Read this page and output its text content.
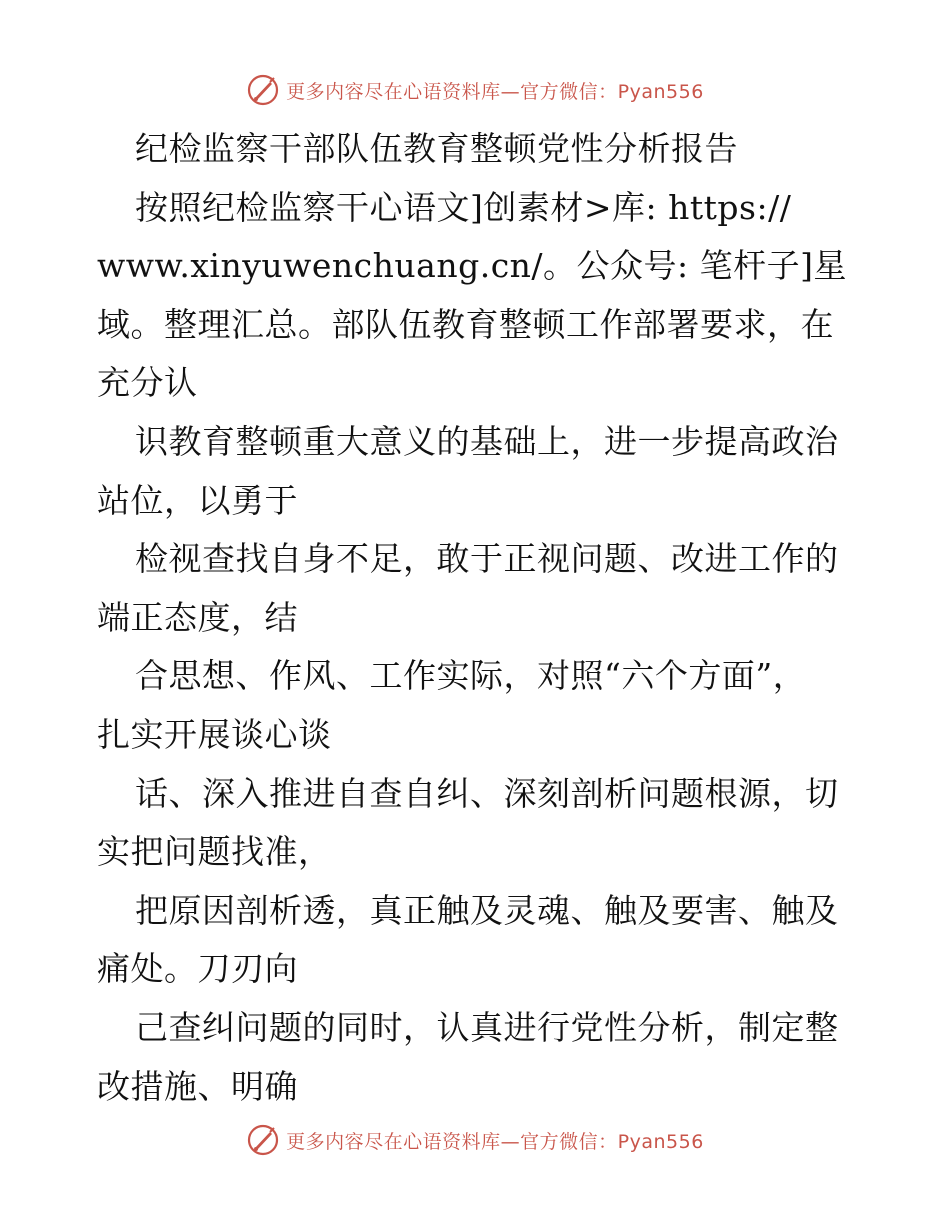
更多内容尽在心语资料库—官方微信：Pyan556
纪检监察干部队伍教育整顿党性分析报告
按照纪检监察干心语文]创素材>库: https://
www.xinyuwenchuang.cn/。公众号: 笔杆子]星
域。整理汇总。部队伍教育整顿工作部署要求，在
充分认
识教育整顿重大意义的基础上，进一步提高政治
站位，以勇于
检视查找自身不足，敢于正视问题、改进工作的
端正态度，结
合思想、作风、工作实际，对照“六个方面”，
扎实开展谈心谈
话、深入推进自查自纠、深刻剖析问题根源，切
实把问题找准，
把原因剖析透，真正触及灵魂、触及要害、触及
痛处。刀刃向
己查纠问题的同时，认真进行党性分析，制定整
改措施、明确
更多内容尽在心语资料库—官方微信：Pyan556
